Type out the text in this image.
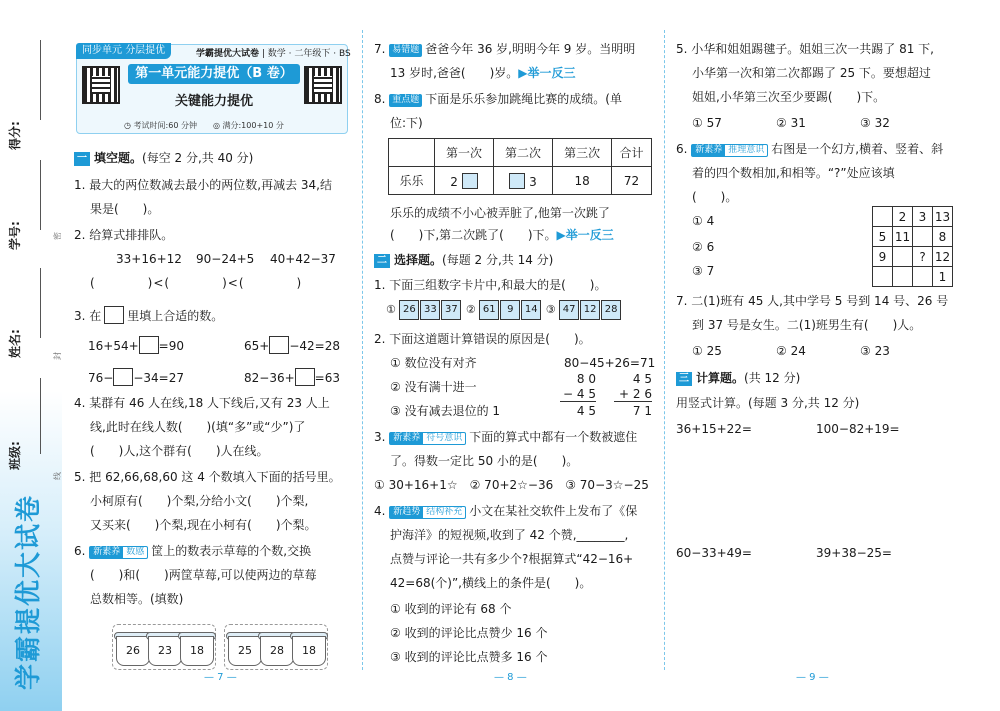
得分:
学号:
姓名:
班级:
密
封
线
学霸提优大试卷
同步单元 分层提优	学霸提优大试卷 | 数学 · 二年级下 · BS
第一单元能力提优（B 卷）
关键能力提优
◷ 考试时间:60 分钟　　◎ 满分:100+10 分
一 填空题。(每空 2 分,共 40 分)
1. 最大的两位数减去最小的两位数,再减去 34,结
果是(　　)。
2. 给算式排排队。
33+16+12 90−24+5 40+42−37
(　　　　)<(　　　　)<(　　　　)
3. 在 里填上合适的数。
16+54+ =90	65+ −42=28
76− −34=27	82−36+ =63
4. 某群有 46 人在线,18 人下线后,又有 23 人上
线,此时在线人数(　　)(填“多”或“少”)了
(　　)人,这个群有(　　)人在线。
5. 把 62,66,68,60 这 4 个数填入下面的括号里。
小柯原有(　　)个梨,分给小文(　　)个梨,
又买来(　　)个梨,现在小柯有(　　)个梨。
6. 新素养 数感 筐上的数表示草莓的个数,交换
(　　)和(　　)两筐草莓,可以使两边的草莓
总数相等。(填数)
26	23	18	25	28	18
— 7 —
7. 易错题 爸爸今年 36 岁,明明今年 9 岁。当明明
13 岁时,爸爸(　　)岁。▶举一反三
8. 重点题 下面是乐乐参加跳绳比赛的成绩。(单
位:下)
	第一次	第二次	第三次	合计
乐乐	2	3	18	72
乐乐的成绩不小心被弄脏了,他第一次跳了
(　　)下,第二次跳了(　　)下。▶举一反三
二 选择题。(每题 2 分,共 14 分)
1. 下面三组数字卡片中,和最大的是(　　)。
① 26 33 37 ② 61 9 14 ③ 47 12 28
2. 下面这道题计算错误的原因是(　　)。
① 数位没有对齐
② 没有满十进一
③ 没有减去退位的 1
80−45+26=71
8 0
− 4 5
4 5
4 5
+ 2 6
7 1
3. 新素养 符号意识 下面的算式中都有一个数被遮住
了。得数一定比 50 小的是(　　)。
① 30+16+1☆　② 70+2☆−36　③ 70−3☆−25
4. 新趋势 结构补充 小文在某社交软件上发布了《保
护海洋》的短视频,收到了 42 个赞,________,
点赞与评论一共有多少个?根据算式“42−16+
42=68(个)”,横线上的条件是(　　)。
① 收到的评论有 68 个
② 收到的评论比点赞少 16 个
③ 收到的评论比点赞多 16 个
— 8 —
5. 小华和姐姐踢毽子。姐姐三次一共踢了 81 下,
小华第一次和第二次都踢了 25 下。要想超过
姐姐,小华第三次至少要踢(　　)下。
① 57	② 31	③ 32
6. 新素养 推理意识 右图是一个幻方,横着、竖着、斜
着的四个数相加,和相等。“?”处应该填
(　　)。
① 4
② 6
③ 7
	2	3	13
5	11		8
9		?	12
			1
7. 二(1)班有 45 人,其中学号 5 号到 14 号、26 号
到 37 号是女生。二(1)班男生有(　　)人。
① 25	② 24	③ 23
三 计算题。(共 12 分)
用竖式计算。(每题 3 分,共 12 分)
36+15+22=	100−82+19=
60−33+49=	39+38−25=
— 9 —
